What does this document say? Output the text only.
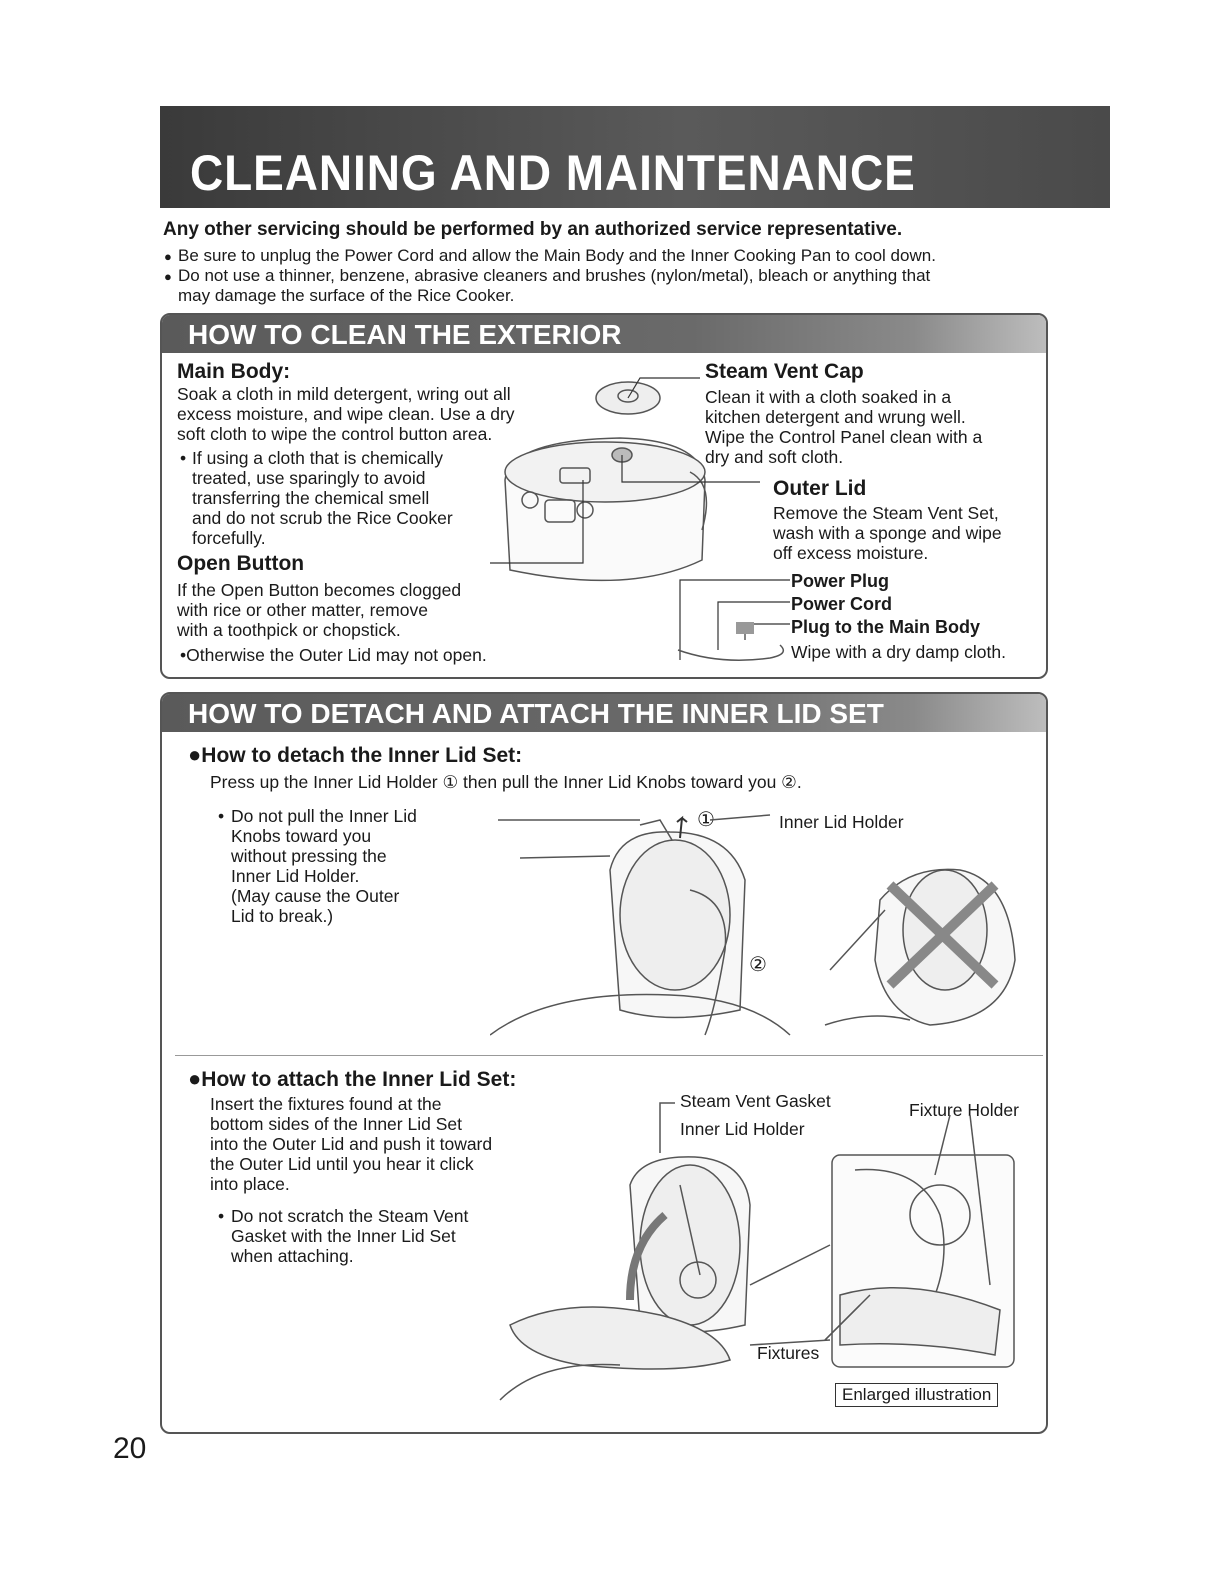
CLEANING AND MAINTENANCE
Any other servicing should be performed by an authorized service representative.
● Be sure to unplug the Power Cord and allow the Main Body and the Inner Cooking Pan to cool down.
● Do not use a thinner, benzene, abrasive cleaners and brushes (nylon/metal), bleach or anything that
may damage the surface of the Rice Cooker.
HOW TO CLEAN THE EXTERIOR
Main Body:
Soak a cloth in mild detergent, wring out all
excess moisture, and wipe clean. Use a dry
soft cloth to wipe the control button area.
• If using a cloth that is chemically
treated, use sparingly to avoid
transferring the chemical smell
and do not scrub the Rice Cooker
forcefully.
Open Button
If the Open Button becomes clogged
with rice or other matter, remove
with a toothpick or chopstick.
•Otherwise the Outer Lid may not open.
Steam Vent Cap
Clean it with a cloth soaked in a
kitchen detergent and wrung well.
Wipe the Control Panel clean with a
dry and soft cloth.
Outer Lid
Remove the Steam Vent Set,
wash with a sponge and wipe
off excess moisture.
Power Plug
Power Cord
Plug to the Main Body
Wipe with a dry damp cloth.
HOW TO DETACH AND ATTACH THE INNER LID SET
●How to detach the Inner Lid Set:
Press up the Inner Lid Holder ① then pull the Inner Lid Knobs toward you ②.
• Do not pull the Inner Lid
Knobs toward you
without pressing the
Inner Lid Holder.
(May cause the Outer
Lid to break.)
Inner Lid Holder
①
②
●How to attach the Inner Lid Set:
Insert the fixtures found at the
bottom sides of the Inner Lid Set
into the Outer Lid and push it toward
the Outer Lid until you hear it click
into place.
• Do not scratch the Steam Vent
Gasket with the Inner Lid Set
when attaching.
Steam Vent Gasket
Inner Lid Holder
Fixture Holder
Fixtures
Enlarged illustration
20
